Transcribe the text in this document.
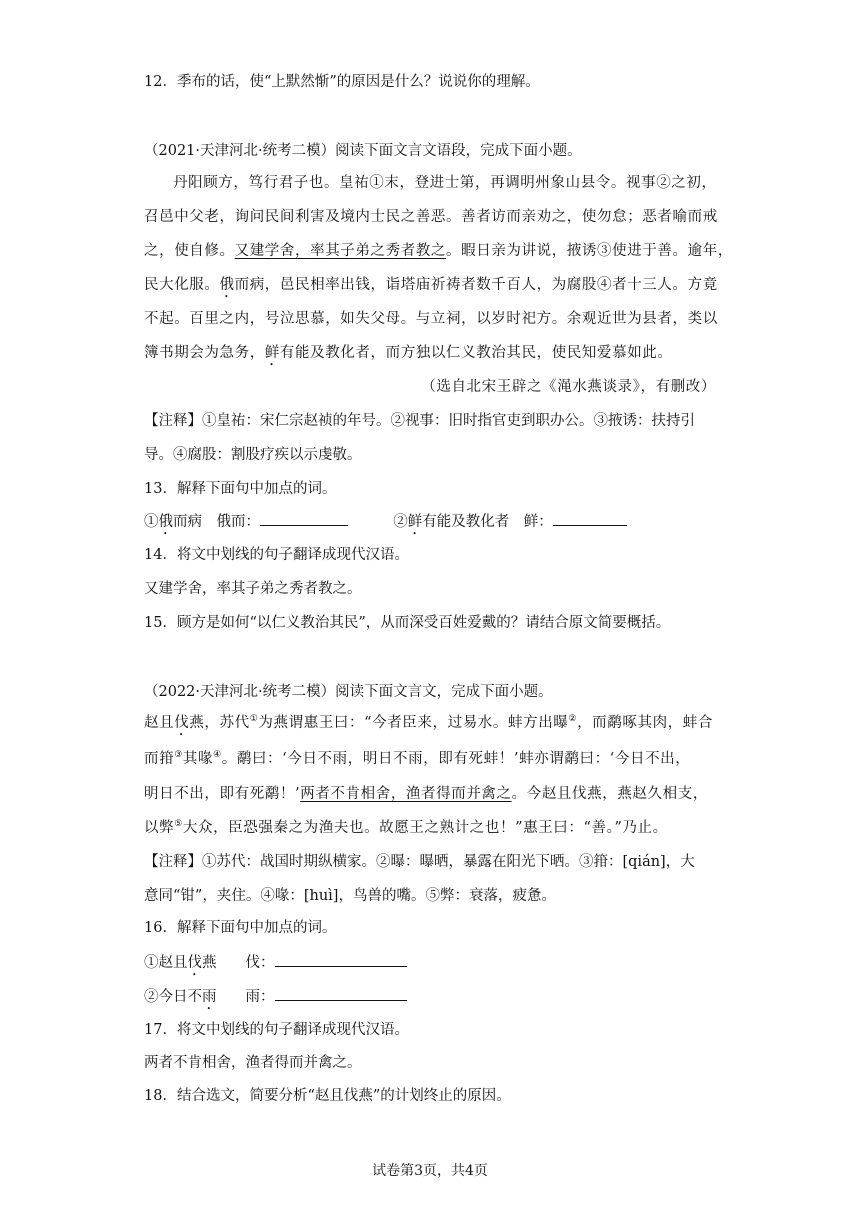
12．季布的话，使“上默然惭”的原因是什么？说说你的理解。
（2021·天津河北·统考二模）阅读下面文言文语段，完成下面小题。
丹阳顾方，笃行君子也。皇祐①末，登进士第，再调明州象山县令。视事②之初，
召邑中父老，询问民间利害及境内士民之善恶。善者访而亲劝之，使勿怠；恶者喻而戒
之，使自修。又建学舍，率其子弟之秀者教之。暇日亲为讲说，掖诱③使进于善。逾年，
民大化服。俄而病，邑民相率出钱，诣塔庙祈祷者数千百人，为腐股④者十三人。方竟
不起。百里之内，号泣思慕，如失父母。与立祠，以岁时祀方。余观近世为县者，类以
簿书期会为急务，鲜有能及教化者，而方独以仁义教治其民，使民知爱慕如此。
（选自北宋王辟之《渑水燕谈录》，有删改）
【注释】①皇祐：宋仁宗赵祯的年号。②视事：旧时指官吏到职办公。③掖诱：扶持引
导。④腐股：割股疗疾以示虔敬。
13．解释下面句中加点的词。
①俄而病　俄而：	②鲜有能及教化者　鲜：
14．将文中划线的句子翻译成现代汉语。
又建学舍，率其子弟之秀者教之。
15．顾方是如何“以仁义教治其民”，从而深受百姓爱戴的？请结合原文简要概括。
（2022·天津河北·统考二模）阅读下面文言文，完成下面小题。
赵且伐燕，苏代①为燕谓惠王曰：“今者臣来，过易水。蚌方出曝②，而鹬啄其肉，蚌合
而箝③其喙④。鹬曰：‘今日不雨，明日不雨，即有死蚌！’蚌亦谓鹬曰：‘今日不出，
明日不出，即有死鹬！’两者不肯相舍，渔者得而并禽之。今赵且伐燕，燕赵久相支，
以弊⑤大众，臣恐强秦之为渔夫也。故愿王之熟计之也！”惠王曰：“善。”乃止。
【注释】①苏代：战国时期纵横家。②曝：曝晒，暴露在阳光下晒。③箝：[qián]，大
意同“钳”，夹住。④喙：[huì]，鸟兽的嘴。⑤弊：衰落，疲惫。
16．解释下面句中加点的词。
①赵且伐燕　　伐：
②今日不雨　　雨：
17．将文中划线的句子翻译成现代汉语。
两者不肯相舍，渔者得而并禽之。
18．结合选文，简要分析“赵且伐燕”的计划终止的原因。
试卷第3页，共4页
